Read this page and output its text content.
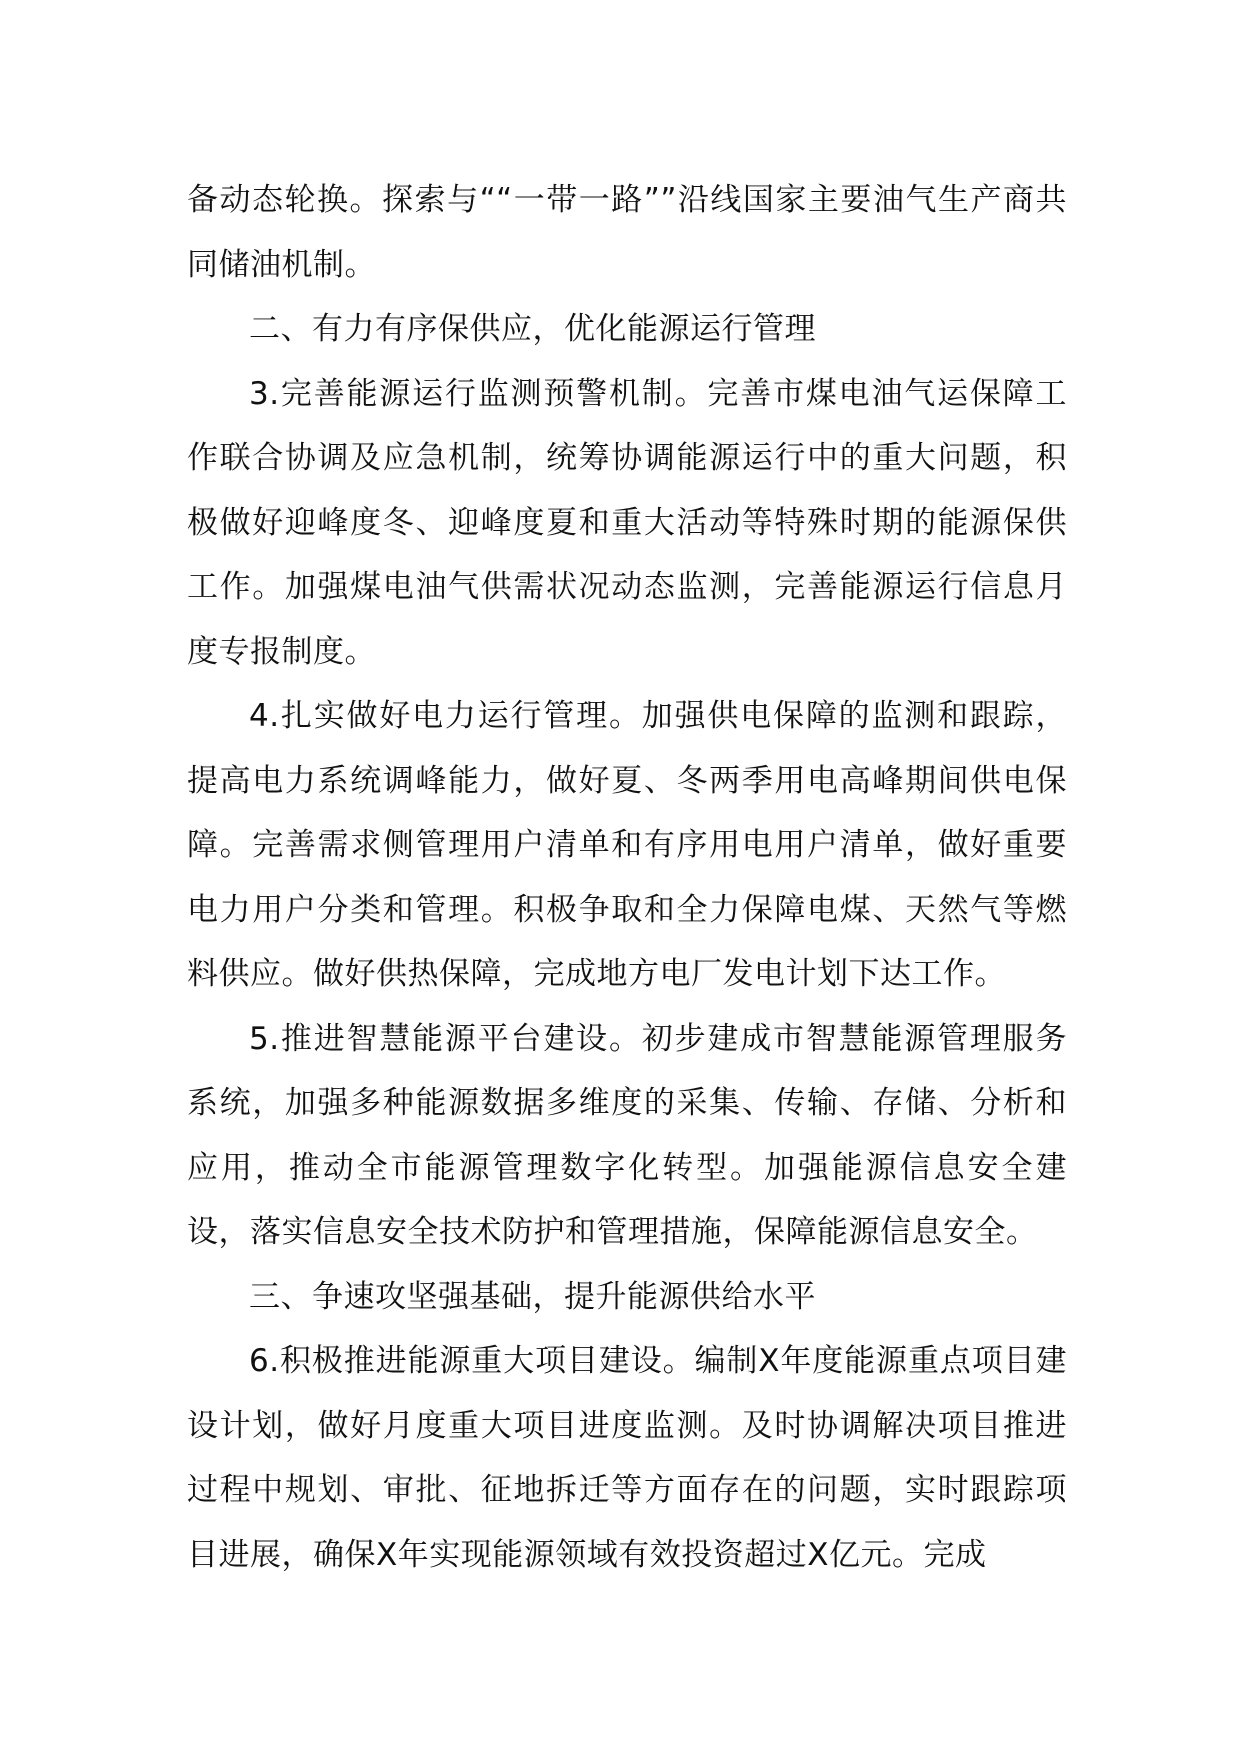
备动态轮换。探索与““一带一路””沿线国家主要油气生产商共同储油机制。

二、有力有序保供应，优化能源运行管理

3.完善能源运行监测预警机制。完善市煤电油气运保障工作联合协调及应急机制，统筹协调能源运行中的重大问题，积极做好迎峰度冬、迎峰度夏和重大活动等特殊时期的能源保供工作。加强煤电油气供需状况动态监测，完善能源运行信息月度专报制度。

4.扎实做好电力运行管理。加强供电保障的监测和跟踪，提高电力系统调峰能力，做好夏、冬两季用电高峰期间供电保障。完善需求侧管理用户清单和有序用电用户清单，做好重要电力用户分类和管理。积极争取和全力保障电煤、天然气等燃料供应。做好供热保障，完成地方电厂发电计划下达工作。

5.推进智慧能源平台建设。初步建成市智慧能源管理服务系统，加强多种能源数据多维度的采集、传输、存储、分析和应用，推动全市能源管理数字化转型。加强能源信息安全建设，落实信息安全技术防护和管理措施，保障能源信息安全。

三、争速攻坚强基础，提升能源供给水平

6.积极推进能源重大项目建设。编制X年度能源重点项目建设计划，做好月度重大项目进度监测。及时协调解决项目推进过程中规划、审批、征地拆迁等方面存在的问题，实时跟踪项目进展，确保X年实现能源领域有效投资超过X亿元。完成
